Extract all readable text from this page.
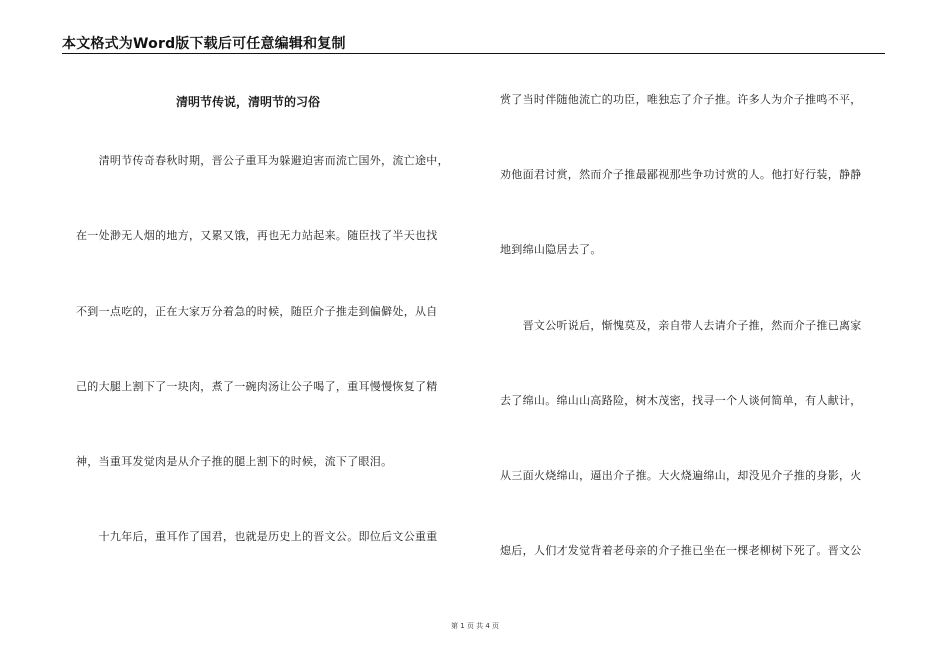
本文格式为Word版下载后可任意编辑和复制
清明节传说，清明节的习俗
　　清明节传奇春秋时期，晋公子重耳为躲避迫害而流亡国外，流亡途中，
在一处渺无人烟的地方，又累又饿，再也无力站起来。随臣找了半天也找
不到一点吃的，正在大家万分着急的时候，随臣介子推走到偏僻处，从自
己的大腿上割下了一块肉，煮了一碗肉汤让公子喝了，重耳慢慢恢复了精
神，当重耳发觉肉是从介子推的腿上割下的时候，流下了眼泪。
　　十九年后，重耳作了国君，也就是历史上的晋文公。即位后文公重重
赏了当时伴随他流亡的功臣，唯独忘了介子推。许多人为介子推鸣不平，
劝他面君讨赏，然而介子推最鄙视那些争功讨赏的人。他打好行装，静静
地到绵山隐居去了。
　　晋文公听说后，惭愧莫及，亲自带人去请介子推，然而介子推已离家
去了绵山。绵山山高路险，树木茂密，找寻一个人谈何简单，有人献计，
从三面火烧绵山，逼出介子推。大火烧遍绵山，却没见介子推的身影，火
熄后，人们才发觉背着老母亲的介子推已坐在一棵老柳树下死了。晋文公
第 1 页 共 4 页
